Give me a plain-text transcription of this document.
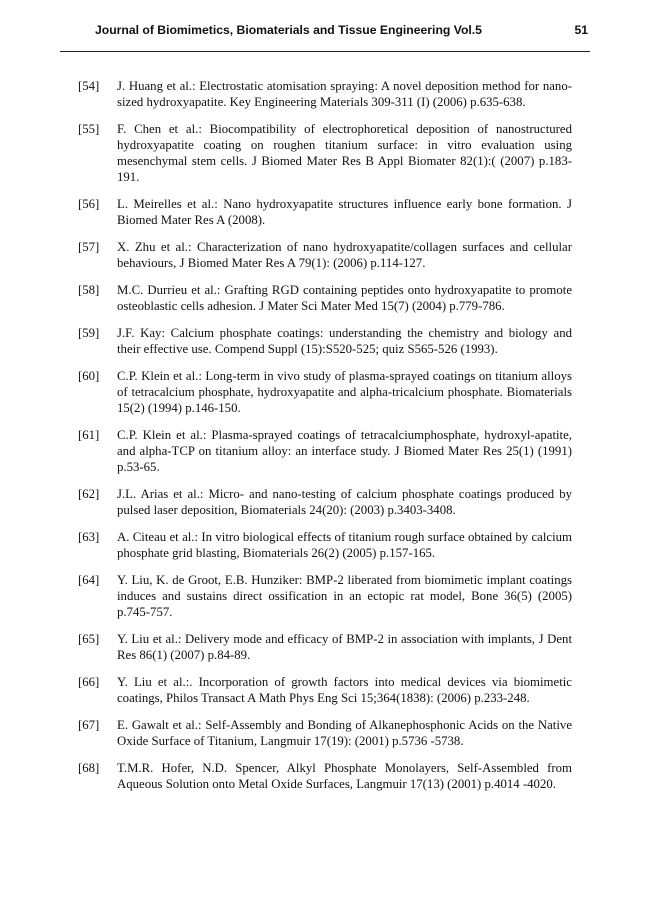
Journal of Biomimetics, Biomaterials and Tissue Engineering Vol.5	51
[54]	J. Huang et al.: Electrostatic atomisation spraying: A novel deposition method for nano-sized hydroxyapatite. Key Engineering Materials 309-311 (I) (2006) p.635-638.
[55]	F. Chen et al.: Biocompatibility of electrophoretical deposition of nanostructured hydroxyapatite coating on roughen titanium surface: in vitro evaluation using mesenchymal stem cells. J Biomed Mater Res B Appl Biomater 82(1):( (2007) p.183-191.
[56]	L. Meirelles et al.: Nano hydroxyapatite structures influence early bone formation. J Biomed Mater Res A (2008).
[57]	X. Zhu et al.: Characterization of nano hydroxyapatite/collagen surfaces and cellular behaviours, J Biomed Mater Res A 79(1): (2006) p.114-127.
[58]	M.C. Durrieu et al.: Grafting RGD containing peptides onto hydroxyapatite to promote osteoblastic cells adhesion. J Mater Sci Mater Med 15(7) (2004) p.779-786.
[59]	J.F. Kay: Calcium phosphate coatings: understanding the chemistry and biology and their effective use. Compend Suppl (15):S520-525; quiz S565-526 (1993).
[60]	C.P. Klein et al.: Long-term in vivo study of plasma-sprayed coatings on titanium alloys of tetracalcium phosphate, hydroxyapatite and alpha-tricalcium phosphate. Biomaterials 15(2) (1994) p.146-150.
[61]	C.P. Klein et al.: Plasma-sprayed coatings of tetracalciumphosphate, hydroxyl-apatite, and alpha-TCP on titanium alloy: an interface study. J Biomed Mater Res 25(1) (1991) p.53-65.
[62]	J.L. Arias et al.: Micro- and nano-testing of calcium phosphate coatings produced by pulsed laser deposition, Biomaterials 24(20): (2003) p.3403-3408.
[63]	A. Citeau et al.: In vitro biological effects of titanium rough surface obtained by calcium phosphate grid blasting, Biomaterials 26(2) (2005) p.157-165.
[64]	Y. Liu, K. de Groot, E.B. Hunziker: BMP-2 liberated from biomimetic implant coatings induces and sustains direct ossification in an ectopic rat model, Bone 36(5) (2005) p.745-757.
[65]	Y. Liu et al.: Delivery mode and efficacy of BMP-2 in association with implants, J Dent Res 86(1) (2007) p.84-89.
[66]	Y. Liu et al.:. Incorporation of growth factors into medical devices via biomimetic coatings, Philos Transact A Math Phys Eng Sci 15;364(1838): (2006) p.233-248.
[67]	E. Gawalt et al.: Self-Assembly and Bonding of Alkanephosphonic Acids on the Native Oxide Surface of Titanium, Langmuir 17(19): (2001) p.5736 -5738.
[68]	T.M.R. Hofer, N.D. Spencer, Alkyl Phosphate Monolayers, Self-Assembled from Aqueous Solution onto Metal Oxide Surfaces, Langmuir 17(13) (2001) p.4014 -4020.
